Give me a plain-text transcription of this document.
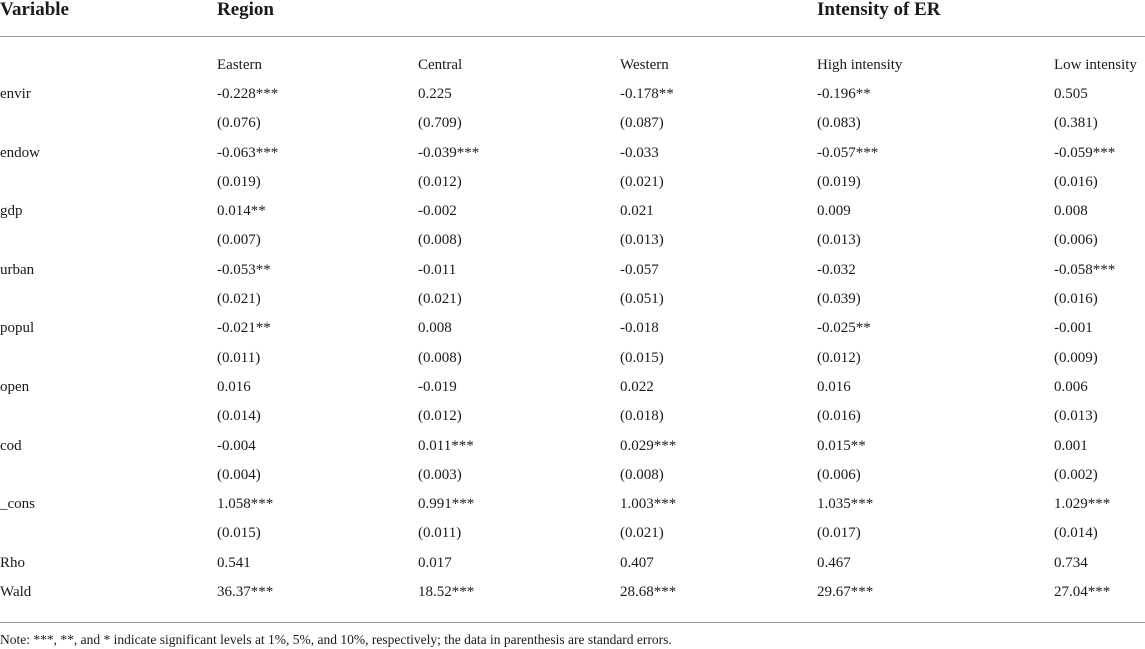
Variable	Region	Intensity of ER
	Eastern	Central	Western	High intensity	Low intensity
envir	-0.228***	0.225	-0.178**	-0.196**	0.505
	(0.076)	(0.709)	(0.087)	(0.083)	(0.381)
endow	-0.063***	-0.039***	-0.033	-0.057***	-0.059***
	(0.019)	(0.012)	(0.021)	(0.019)	(0.016)
gdp	0.014**	-0.002	0.021	0.009	0.008
	(0.007)	(0.008)	(0.013)	(0.013)	(0.006)
urban	-0.053**	-0.011	-0.057	-0.032	-0.058***
	(0.021)	(0.021)	(0.051)	(0.039)	(0.016)
popul	-0.021**	0.008	-0.018	-0.025**	-0.001
	(0.011)	(0.008)	(0.015)	(0.012)	(0.009)
open	0.016	-0.019	0.022	0.016	0.006
	(0.014)	(0.012)	(0.018)	(0.016)	(0.013)
cod	-0.004	0.011***	0.029***	0.015**	0.001
	(0.004)	(0.003)	(0.008)	(0.006)	(0.002)
_cons	1.058***	0.991***	1.003***	1.035***	1.029***
	(0.015)	(0.011)	(0.021)	(0.017)	(0.014)
Rho	0.541	0.017	0.407	0.467	0.734
Wald	36.37***	18.52***	28.68***	29.67***	27.04***
Note: ***, **, and * indicate significant levels at 1%, 5%, and 10%, respectively; the data in parenthesis are standard errors.
